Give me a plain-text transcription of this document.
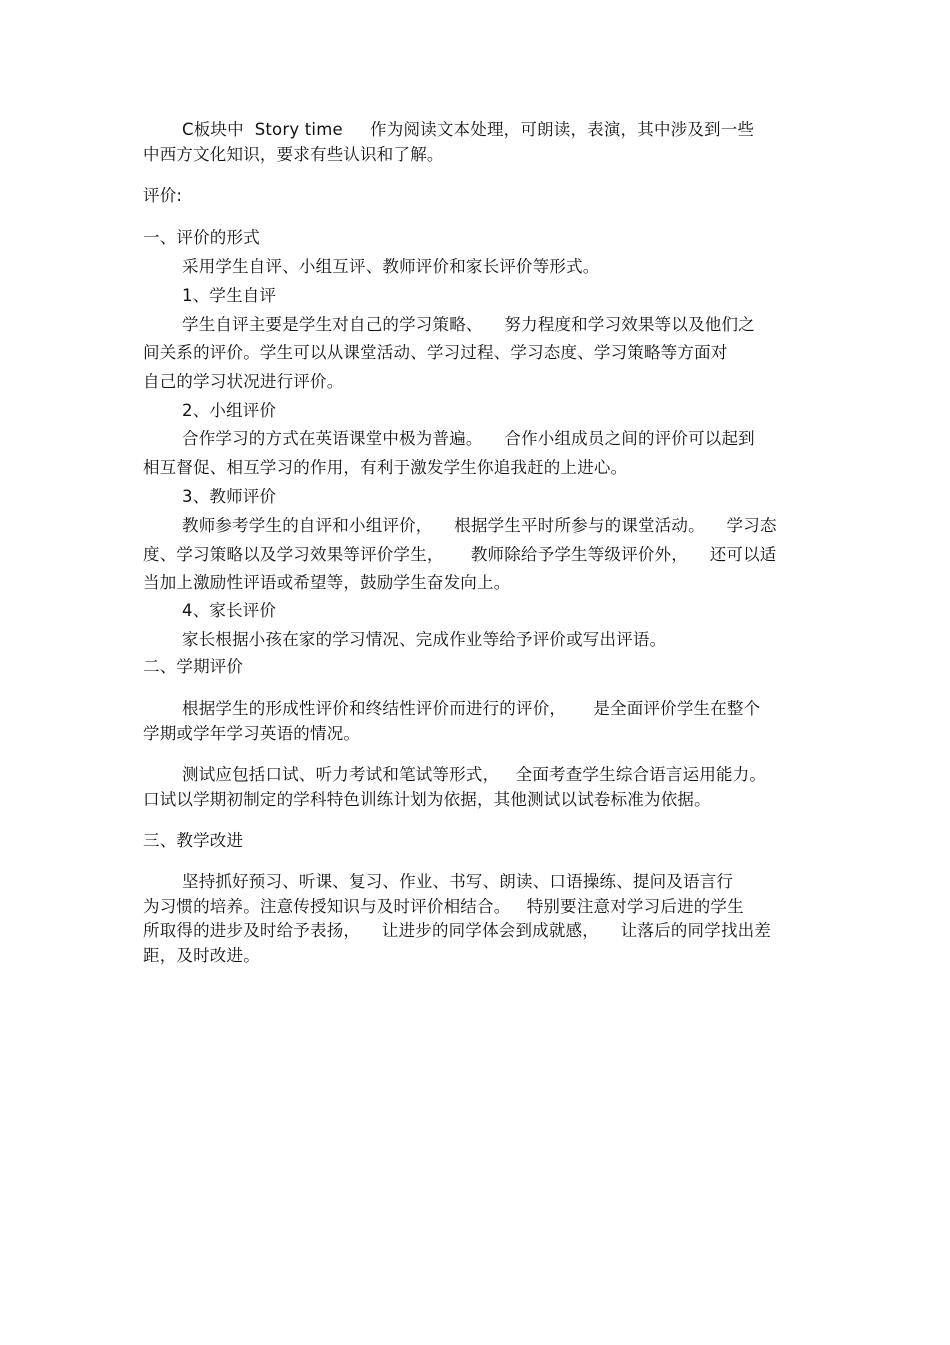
C板块中  Story time     作为阅读文本处理，可朗读，表演，其中涉及到一些
中西方文化知识，要求有些认识和了解。
评价:
一、评价的形式
采用学生自评、小组互评、教师评价和家长评价等形式。
1、学生自评
学生自评主要是学生对自己的学习策略、    努力程度和学习效果等以及他们之
间关系的评价。学生可以从课堂活动、学习过程、学习态度、学习策略等方面对
自己的学习状况进行评价。
2、小组评价
合作学习的方式在英语课堂中极为普遍。    合作小组成员之间的评价可以起到
相互督促、相互学习的作用，有利于激发学生你追我赶的上进心。
3、教师评价
教师参考学生的自评和小组评价，    根据学生平时所参与的课堂活动。    学习态
度、学习策略以及学习效果等评价学生，     教师除给予学生等级评价外，    还可以适
当加上激励性评语或希望等，鼓励学生奋发向上。
4、家长评价
家长根据小孩在家的学习情况、完成作业等给予评价或写出评语。
二、学期评价
根据学生的形成性评价和终结性评价而进行的评价，     是全面评价学生在整个
学期或学年学习英语的情况。
测试应包括口试、听力考试和笔试等形式，   全面考查学生综合语言运用能力。
口试以学期初制定的学科特色训练计划为依据，其他测试以试卷标准为依据。
三、教学改进
坚持抓好预习、听课、复习、作业、书写、朗读、口语操练、提问及语言行
为习惯的培养。注意传授知识与及时评价相结合。   特别要注意对学习后进的学生
所取得的进步及时给予表扬，    让进步的同学体会到成就感，    让落后的同学找出差
距，及时改进。
